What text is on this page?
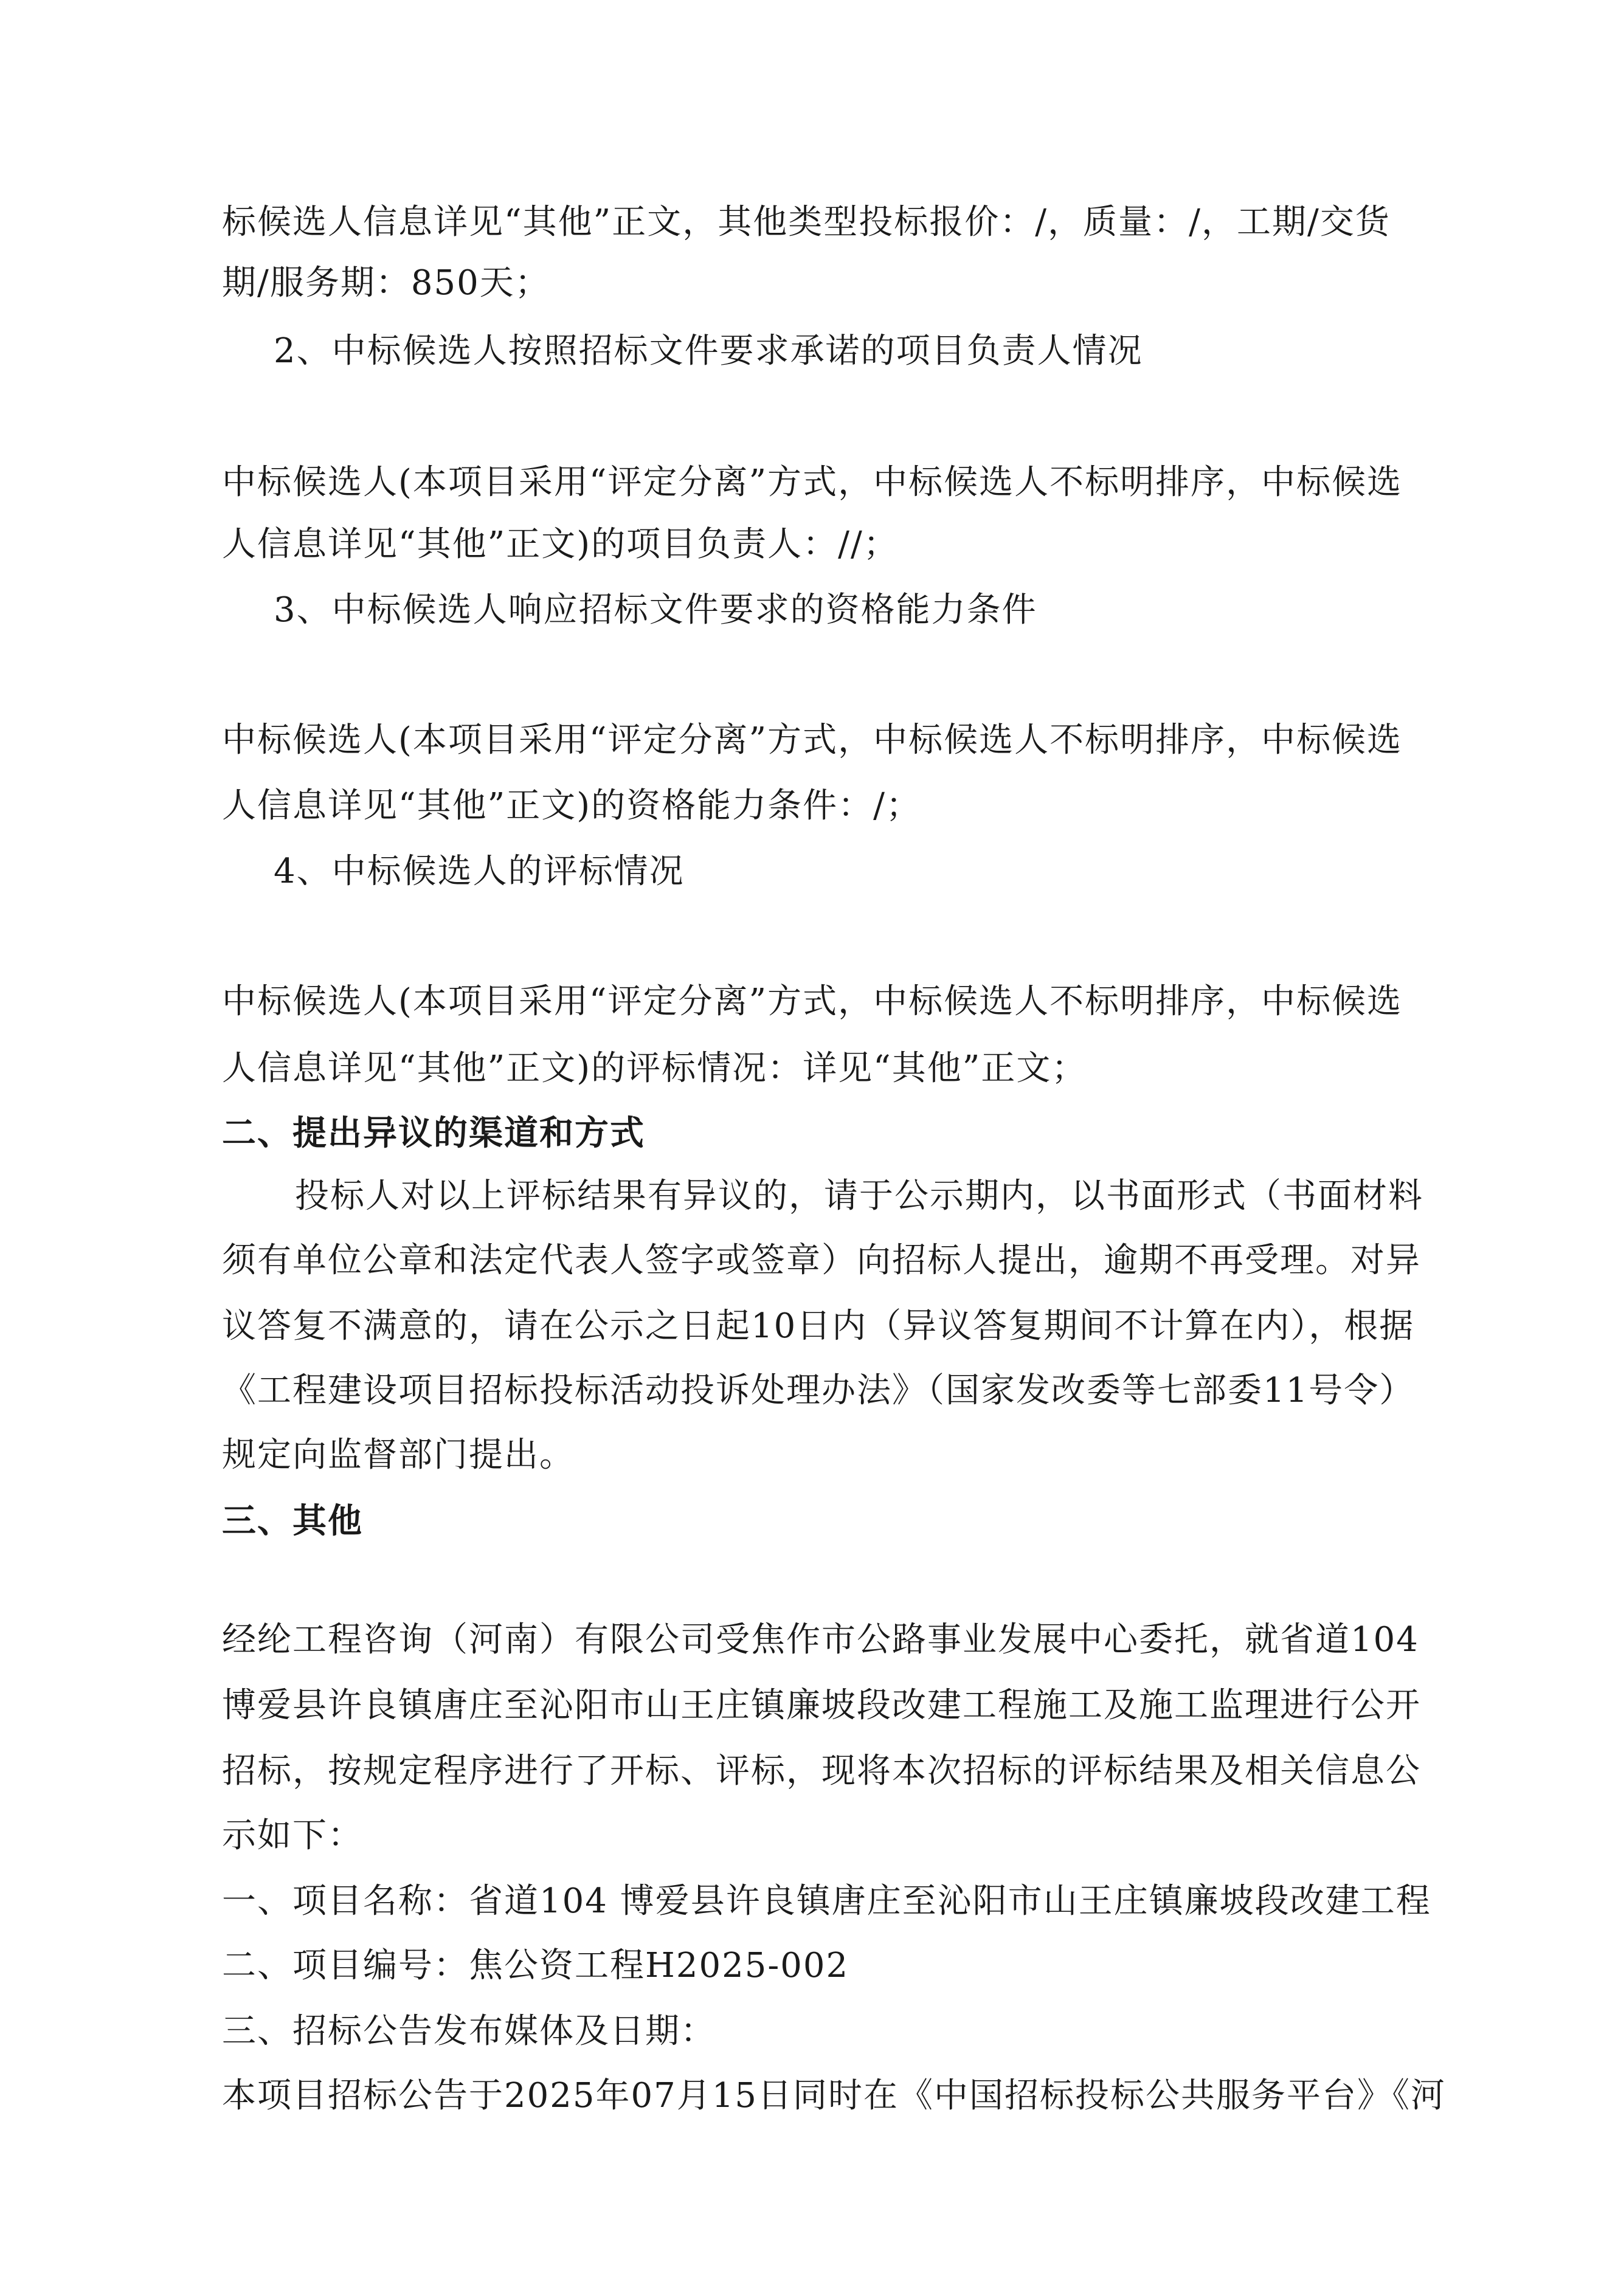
标候选人信息详见“其他”正文，其他类型投标报价：/，质量：/，工期/交货
期/服务期：850天；
2、中标候选人按照招标文件要求承诺的项目负责人情况
中标候选人(本项目采用“评定分离”方式，中标候选人不标明排序，中标候选
人信息详见“其他”正文)的项目负责人：//；
3、中标候选人响应招标文件要求的资格能力条件
中标候选人(本项目采用“评定分离”方式，中标候选人不标明排序，中标候选
人信息详见“其他”正文)的资格能力条件：/；
4、中标候选人的评标情况
中标候选人(本项目采用“评定分离”方式，中标候选人不标明排序，中标候选
人信息详见“其他”正文)的评标情况：详见“其他”正文；
二、提出异议的渠道和方式
投标人对以上评标结果有异议的，请于公示期内，以书面形式（书面材料
须有单位公章和法定代表人签字或签章）向招标人提出，逾期不再受理。对异
议答复不满意的，请在公示之日起10日内（异议答复期间不计算在内），根据
《工程建设项目招标投标活动投诉处理办法》（国家发改委等七部委11号令）
规定向监督部门提出。
三、其他
经纶工程咨询（河南）有限公司受焦作市公路事业发展中心委托，就省道104
博爱县许良镇唐庄至沁阳市山王庄镇廉坡段改建工程施工及施工监理进行公开
招标，按规定程序进行了开标、评标，现将本次招标的评标结果及相关信息公
示如下：
一、项目名称：省道104 博爱县许良镇唐庄至沁阳市山王庄镇廉坡段改建工程
二、项目编号：焦公资工程H2025-002
三、招标公告发布媒体及日期：
本项目招标公告于2025年07月15日同时在《中国招标投标公共服务平台》《河
